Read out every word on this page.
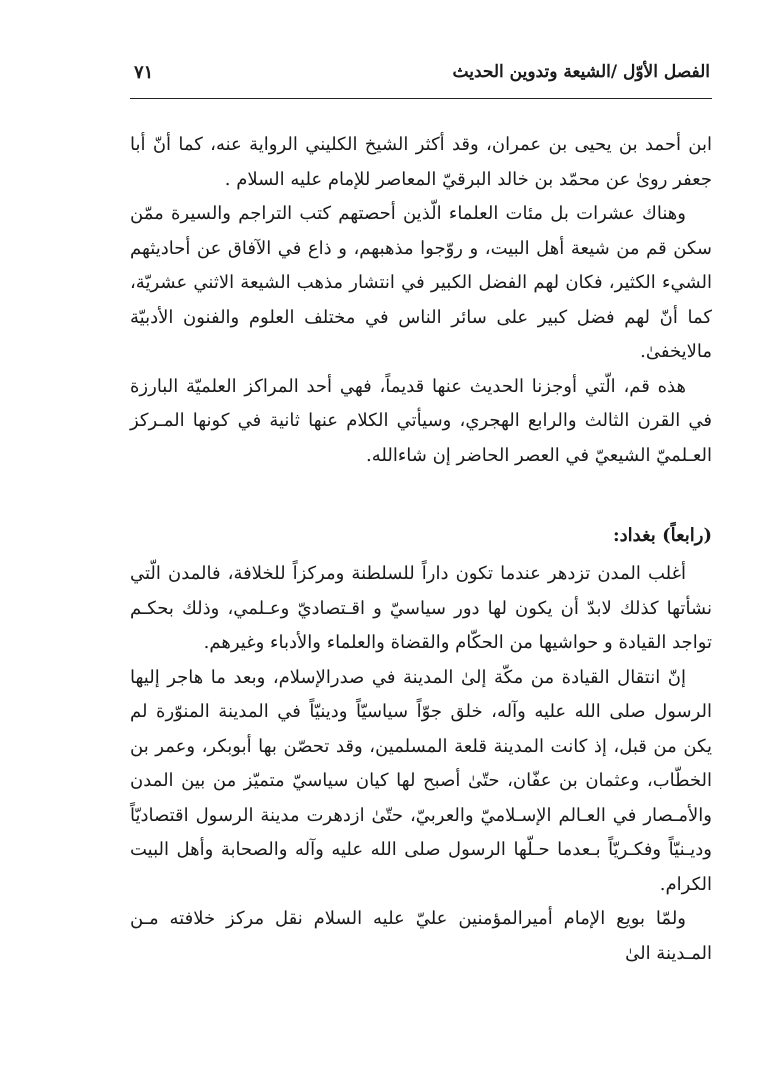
الفصل الأوّل /الشيعة وتدوين الحديث
٧١

ابن أحمد بن يحيى بن عمران، وقد أكثر الشيخ الكليني الرواية عنه، كما أنّ أبا جعفر رویٰ عن محمّد بن خالد البرقيّ المعاصر للإمام عليه السلام .

وهناك عشرات بل مئات العلماء الّذين أحصتهم كتب التراجم والسيرة ممّن سكن قم من شيعة أهل البيت، و روّجوا مذهبهم، و ذاع في الآفاق عن أحاديثهم الشيء الكثير، فكان لهم الفضل الكبير في انتشار مذهب الشيعة الاثني عشريّة، كما أنّ لهم فضل كبير على سائر الناس في مختلف العلوم والفنون الأدبيّة مالايخفىٰ.

هذه قم، الّتي أوجزنا الحديث عنها قديماً، فهي أحد المراكز العلميّة البارزة في القرن الثالث والرابع الهجري، وسيأتي الكلام عنها ثانية في كونها المـركز العـلميّ الشيعيّ في العصر الحاضر إن شاءالله.

(رابعاً) بغداد:

أغلب المدن تزدهر عندما تكون داراً للسلطنة ومركزاً للخلافة، فالمدن الّتي نشأتها كذلك لابدّ أن يكون لها دور سياسيّ و اقـتصاديّ وعـلمي، وذلك بحكـم تواجد القيادة و حواشيها من الحكّام والقضاة والعلماء والأدباء وغيرهم.

إنّ انتقال القيادة من مكّة إلىٰ المدينة في صدرالإسلام، وبعد ما هاجر إليها الرسول صلى الله عليه وآله، خلق جوّاً سياسيّاً ودينيّاً في المدينة المنوّرة لم يكن من قبل، إذ كانت المدينة قلعة المسلمين، وقد تحصّن بها أبوبكر، وعمر بن الخطّاب، وعثمان بن عفّان، حتّىٰ أصبح لها كيان سياسيّ متميّز من بين المدن والأمـصار في العـالم الإسـلاميّ والعربيّ، حتّىٰ ازدهرت مدينة الرسول اقتصاديّاً وديـنيّاً وفكـريّاً بـعدما حـلّها الرسول صلى الله عليه وآله والصحابة وأهل البيت الكرام.

ولمّا بويع الإمام أميرالمؤمنين عليّ عليه السلام نقل مركز خلافته مـن المـدينة الىٰ
